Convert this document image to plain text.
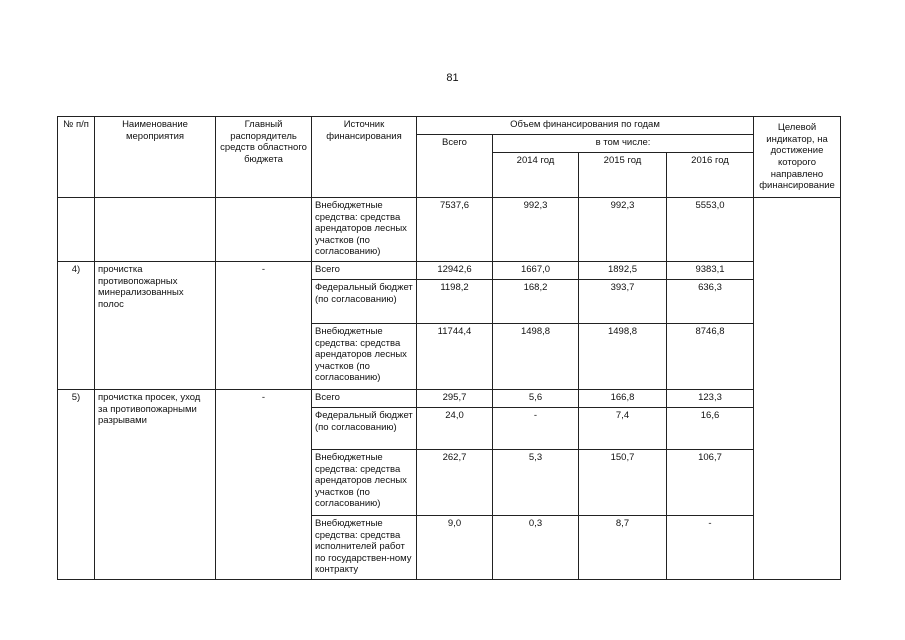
81
№ п/п	Наименование мероприятия	Главный распорядитель средств областного бюджета	Источник финансирования	Объем финансирования по годам				Целевой индикатор, на достижение которого направлено финансирование
				Всего	в том числе:			
					2014 год	2015 год	2016 год	
			Внебюджетные средства: средства арендаторов лесных участков (по согласованию)	7537,6	992,3	992,3	5553,0	
4)	прочистка противопожарных минерализованных полос	-	Всего	12942,6	1667,0	1892,5	9383,1	
			Федеральный бюджет (по согласованию)	1198,2	168,2	393,7	636,3	
			Внебюджетные средства: средства арендаторов лесных участков (по согласованию)	11744,4	1498,8	1498,8	8746,8	
5)	прочистка просек, уход за противопожарными разрывами	-	Всего	295,7	5,6	166,8	123,3	
			Федеральный бюджет (по согласованию)	24,0	-	7,4	16,6	
			Внебюджетные средства: средства арендаторов лесных участков (по согласованию)	262,7	5,3	150,7	106,7	
			Внебюджетные средства: средства исполнителей работ по государствен-ному контракту	9,0	0,3	8,7	-	
